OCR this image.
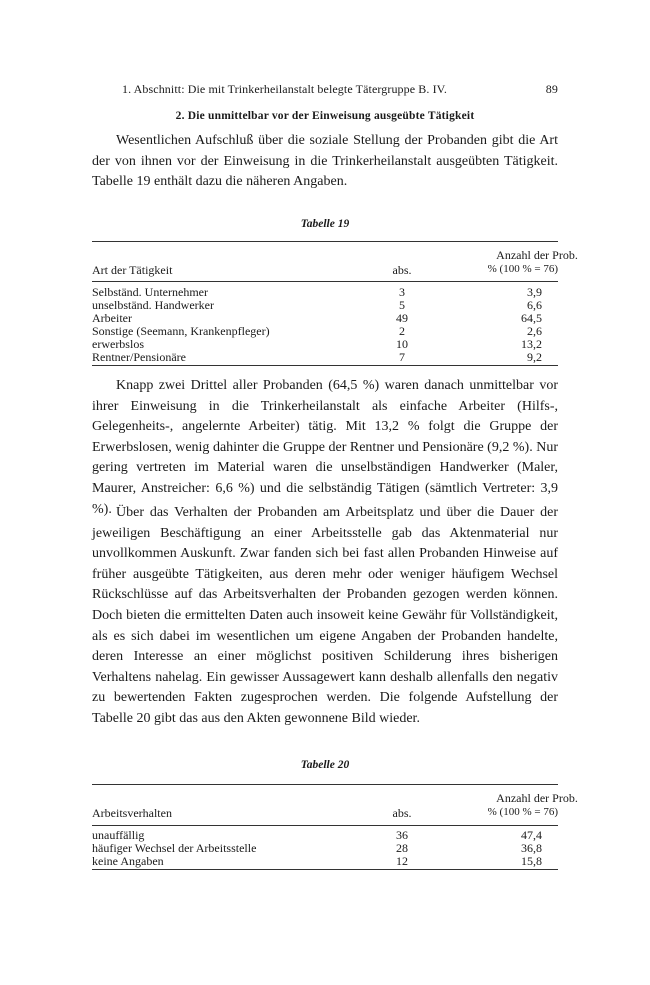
1. Abschnitt: Die mit Trinkerheilanstalt belegte Tätergruppe B. IV.	89
2. Die unmittelbar vor der Einweisung ausgeübte Tätigkeit

Wesentlichen Aufschluß über die soziale Stellung der Probanden gibt die Art der von ihnen vor der Einweisung in die Trinkerheilanstalt ausgeübten Tätigkeit. Tabelle 19 enthält dazu die näheren Angaben.

Tabelle 19
Anzahl der Prob.
Art der Tätigkeit	abs.	% (100 % = 76)
Selbständ. Unternehmer	3	3,9
unselbständ. Handwerker	5	6,6
Arbeiter	49	64,5
Sonstige (Seemann, Krankenpfleger)	2	2,6
erwerbslos	10	13,2
Rentner/Pensionäre	7	9,2

Knapp zwei Drittel aller Probanden (64,5 %) waren danach unmittelbar vor ihrer Einweisung in die Trinkerheilanstalt als einfache Arbeiter (Hilfs-, Gelegenheits-, angelernte Arbeiter) tätig. Mit 13,2 % folgt die Gruppe der Erwerbslosen, wenig dahinter die Gruppe der Rentner und Pensionäre (9,2 %). Nur gering vertreten im Material waren die unselbständigen Handwerker (Maler, Maurer, Anstreicher: 6,6 %) und die selbständig Tätigen (sämtlich Vertreter: 3,9 %). Über das Verhalten der Probanden am Arbeitsplatz und über die Dauer der jeweiligen Beschäftigung an einer Arbeitsstelle gab das Aktenmaterial nur unvollkommen Auskunft. Zwar fanden sich bei fast allen Probanden Hinweise auf früher ausgeübte Tätigkeiten, aus deren mehr oder weniger häufigem Wechsel Rückschlüsse auf das Arbeitsverhalten der Probanden gezogen werden können. Doch bieten die ermittelten Daten auch insoweit keine Gewähr für Vollständigkeit, als es sich dabei im wesentlichen um eigene Angaben der Probanden handelte, deren Interesse an einer möglichst positiven Schilderung ihres bisherigen Verhaltens nahelag. Ein gewisser Aussagewert kann deshalb allenfalls den negativ zu bewertenden Fakten zugesprochen werden. Die folgende Aufstellung der Tabelle 20 gibt das aus den Akten gewonnene Bild wieder.

Tabelle 20
Anzahl der Prob.
Arbeitsverhalten	abs.	% (100 % = 76)
unauffällig	36	47,4
häufiger Wechsel der Arbeitsstelle	28	36,8
keine Angaben	12	15,8
